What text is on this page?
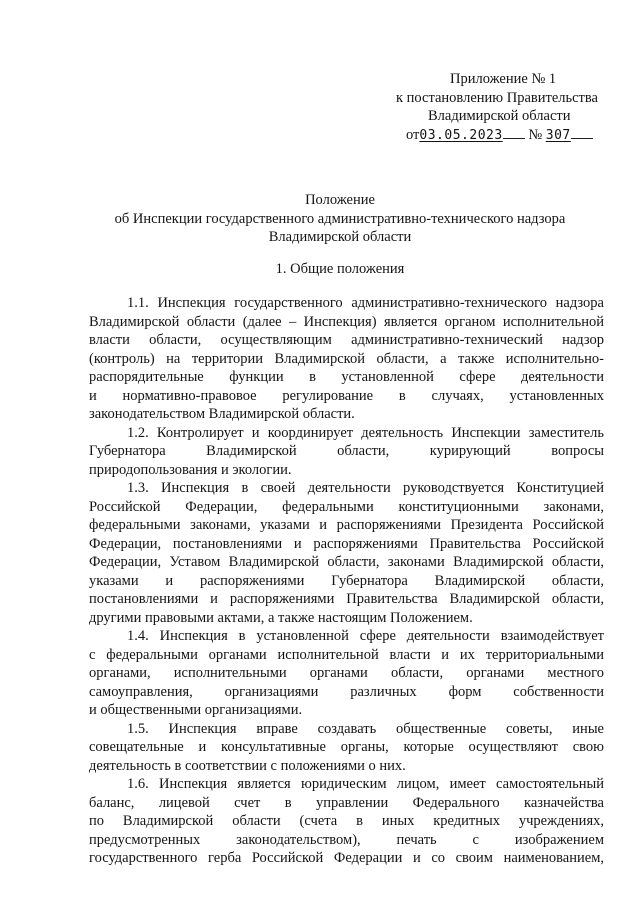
Приложение № 1
к постановлению Правительства
Владимирской области
от03.05.2023 № 307
Положение
об Инспекции государственного административно-технического надзора
Владимирской области
1. Общие положения
1.1. Инспекция государственного административно-технического надзора
Владимирской области (далее – Инспекция) является органом исполнительной
власти области, осуществляющим административно-технический надзор
(контроль) на территории Владимирской области, а также исполнительно-
распорядительные функции в установленной сфере деятельности
и нормативно-правовое регулирование в случаях, установленных
законодательством Владимирской области.
1.2. Контролирует и координирует деятельность Инспекции заместитель
Губернатора Владимирской области, курирующий вопросы
природопользования и экологии.
1.3. Инспекция в своей деятельности руководствуется Конституцией
Российской Федерации, федеральными конституционными законами,
федеральными законами, указами и распоряжениями Президента Российской
Федерации, постановлениями и распоряжениями Правительства Российской
Федерации, Уставом Владимирской области, законами Владимирской области,
указами и распоряжениями Губернатора Владимирской области,
постановлениями и распоряжениями Правительства Владимирской области,
другими правовыми актами, а также настоящим Положением.
1.4. Инспекция в установленной сфере деятельности взаимодействует
с федеральными органами исполнительной власти и их территориальными
органами, исполнительными органами области, органами местного
самоуправления, организациями различных форм собственности
и общественными организациями.
1.5. Инспекция вправе создавать общественные советы, иные
совещательные и консультативные органы, которые осуществляют свою
деятельность в соответствии с положениями о них.
1.6. Инспекция является юридическим лицом, имеет самостоятельный
баланс, лицевой счет в управлении Федерального казначейства
по Владимирской области (счета в иных кредитных учреждениях,
предусмотренных законодательством), печать с изображением
государственного герба Российской Федерации и со своим наименованием,
